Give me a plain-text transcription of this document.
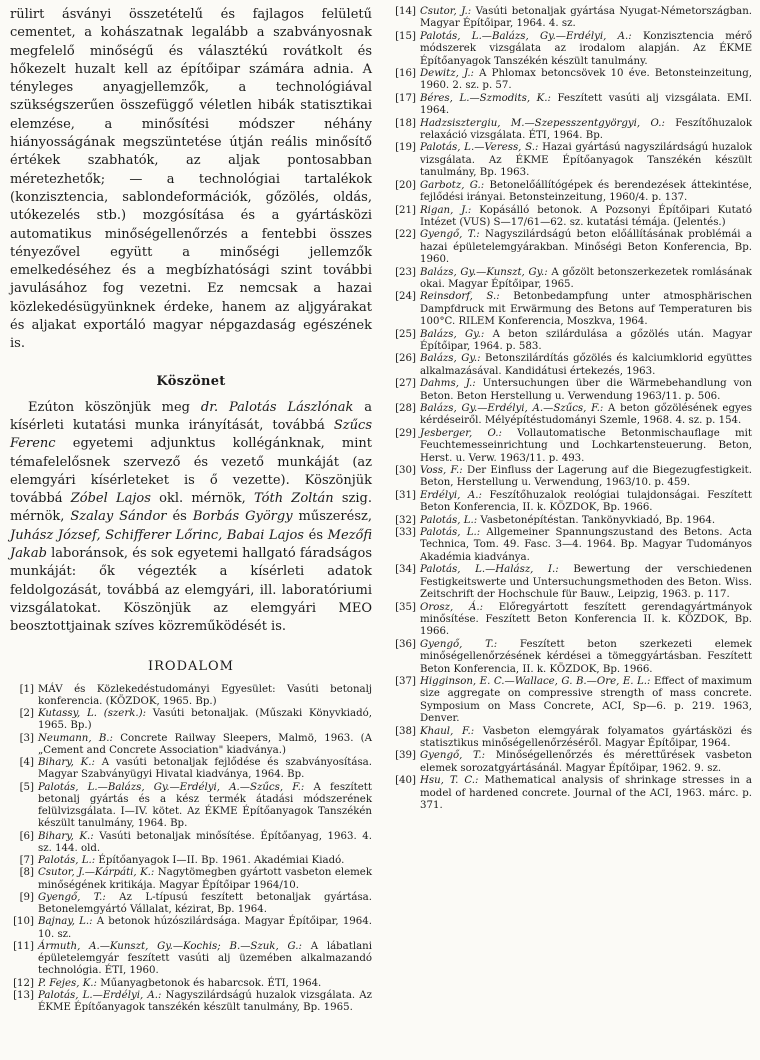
rülirt ásványi összetételű és fajlagos felületű cementet, a kohászatnak legalább a szabványosnak megfelelő minőségű és választékú rovátkolt és hőkezelt huzalt kell az építőipar számára adnia. A tényleges anyagjellemzők, a technológiával szükségszerűen összefüggő véletlen hibák statisztikai elemzése, a minősítési módszer néhány hiányosságának megszüntetése útján reális minősítő értékek szabhatók, az aljak pontosabban méretezhetők; — a technológiai tartalékok (konzisztencia, sablondeformációk, gőzölés, oldás, utókezelés stb.) mozgósítása és a gyártásközi automatikus minőségellenőrzés a fentebbi összes tényezővel együtt a minőségi jellemzők emelkedéséhez és a megbízhatósági szint további javulásához fog vezetni. Ez nemcsak a hazai közlekedésügyünknek érdeke, hanem az aljgyárakat és aljakat exportáló magyar népgazdaság egészének is.

Köszönet

Ezúton köszönjük meg dr. Palotás Lászlónak a kísérleti kutatási munka irányítását, továbbá Szűcs Ferenc egyetemi adjunktus kollégánknak, mint témafelelősnek szervező és vezető munkáját (az elemgyári kísérleteket is ő vezette). Köszönjük továbbá Zóbel Lajos okl. mérnök, Tóth Zoltán szig. mérnök, Szalay Sándor és Borbás György műszerész, Juhász József, Schifferer Lőrinc, Babai Lajos és Mezőfi Jakab laboránsok, és sok egyetemi hallgató fáradságos munkáját: ők végezték a kísérleti adatok feldolgozását, továbbá az elemgyári, ill. laboratóriumi vizsgálatokat. Köszönjük az elemgyári MEO beosztottjainak szíves közreműködését is.

IRODALOM

[1] MÁV és Közlekedéstudományi Egyesület: Vasúti betonalj konferencia. (KÖZDOK, 1965. Bp.)

[2] Kutassy, L. (szerk.): Vasúti betonaljak. (Műszaki Könyvkiadó, 1965. Bp.)

[3] Neumann, B.: Concrete Railway Sleepers, Malmö, 1963. (A „Cement and Concrete Association" kiadványa.)

[4] Bihary, K.: A vasúti betonaljak fejlődése és szabványosítása. Magyar Szabványügyi Hivatal kiadványa, 1964. Bp.

[5] Palotás, L.—Balázs, Gy.—Erdélyi, A.—Szűcs, F.: A feszített betonalj gyártás és a kész termék átadási módszerének felülvizsgálata. I—IV. kötet. Az ÉKME Építőanyagok Tanszékén készült tanulmány, 1964. Bp.

[6] Bihary, K.: Vasúti betonaljak minősítése. Építőanyag, 1963. 4. sz. 144. old.

[7] Palotás, L.: Építőanyagok I—II. Bp. 1961. Akadémiai Kiadó.

[8] Csutor, J.—Kárpáti, K.: Nagytömegben gyártott vasbeton elemek minőségének kritikája. Magyar Építőipar 1964/10.

[9] Gyengő, T.: Az L-típusú feszített betonaljak gyártása. Betonelemgyártó Vállalat, kézirat, Bp. 1964.

[10] Bajnay, L.: A betonok húzószilárdsága. Magyar Építőipar, 1964. 10. sz.

[11] Ármuth, A.—Kunszt, Gy.—Kochis; B.—Szuk, G.: A lábatlani épületelemgyár feszített vasúti alj üzemében alkalmazandó technológia. ÉTI, 1960.

[12] P. Fejes, K.: Műanyagbetonok és habarcsok. ÉTI, 1964.

[13] Palotás, L.—Erdélyi, A.: Nagyszilárdságú huzalok vizsgálata. Az ÉKME Építőanyagok tanszékén készült tanulmány, Bp. 1965.

[14] Csutor, J.: Vasúti betonaljak gyártása Nyugat-Németországban. Magyar Építőipar, 1964. 4. sz.

[15] Palotás, L.—Balázs, Gy.—Erdélyi, A.: Konzisztencia mérő módszerek vizsgálata az irodalom alapján. Az ÉKME Építőanyagok Tanszékén készült tanulmány.

[16] Dewitz, J.: A Phlomax betoncsövek 10 éve. Betonsteinzeitung, 1960. 2. sz. p. 57.

[17] Béres, L.—Szmodits, K.: Feszített vasúti alj vizsgálata. EMI. 1964.

[18] Hadzsisztergiu, M.—Szepesszentgyörgyi, O.: Feszítőhuzalok relaxáció vizsgálata. ÉTI, 1964. Bp.

[19] Palotás, L.—Veress, S.: Hazai gyártású nagyszilárdságú huzalok vizsgálata. Az ÉKME Építőanyagok Tanszékén készült tanulmány, Bp. 1963.

[20] Garbotz, G.: Betonelőállítógépek és berendezések áttekintése, fejlődési irányai. Betonsteinzeitung, 1960/4. p. 137.

[21] Rigan, J.: Kopásálló betonok. A Pozsonyi Építőipari Kutató Intézet (VUS) S—17/61—62. sz. kutatási témája. (Jelentés.)

[22] Gyengő, T.: Nagyszilárdságú beton előállításának problémái a hazai épületelemgyárakban. Minőségi Beton Konferencia, Bp. 1960.

[23] Balázs, Gy.—Kunszt, Gy.: A gőzölt betonszerkezetek romlásának okai. Magyar Építőipar, 1965.

[24] Reinsdorf, S.: Betonbedampfung unter atmosphärischen Dampfdruck mit Erwärmung des Betons auf Temperaturen bis 100°C. RILEM Konferencia, Moszkva, 1964.

[25] Balázs, Gy.: A beton szilárdulása a gőzölés után. Magyar Építőipar, 1964. p. 583.

[26] Balázs, Gy.: Betonszilárdítás gőzölés és kalciumklorid együttes alkalmazásával. Kandidátusi értekezés, 1963.

[27] Dahms, J.: Untersuchungen über die Wärmebehandlung von Beton. Beton Herstellung u. Verwendung 1963/11. p. 506.

[28] Balázs, Gy.—Erdélyi, A.—Szűcs, F.: A beton gőzölésének egyes kérdéseiről. Mélyépítéstudományi Szemle, 1968. 4. sz. p. 154.

[29] Jesberger, O.: Vollautomatische Betonmischauflage mit Feuchtemesseinrichtung und Lochkartensteuerung. Beton, Herst. u. Verw. 1963/11. p. 493.

[30] Voss, F.: Der Einfluss der Lagerung auf die Biegezugfestigkeit. Beton, Herstellung u. Verwendung, 1963/10. p. 459.

[31] Erdélyi, A.: Feszítőhuzalok reológiai tulajdonságai. Feszített Beton Konferencia, II. k. KÖZDOK, Bp. 1966.

[32] Palotás, L.: Vasbetonépítéstan. Tankönyvkiadó, Bp. 1964.

[33] Palotás, L.: Allgemeiner Spannungszustand des Betons. Acta Technica, Tom. 49. Fasc. 3—4. 1964. Bp. Magyar Tudományos Akadémia kiadványa.

[34] Palotás, L.—Halász, I.: Bewertung der verschiedenen Festigkeitswerte und Untersuchungsmethoden des Beton. Wiss. Zeitschrift der Hochschule für Bauw., Leipzig, 1963. p. 117.

[35] Orosz, Á.: Előregyártott feszített gerendagyártmányok minősítése. Feszített Beton Konferencia II. k. KÖZDOK, Bp. 1966.

[36] Gyengő, T.: Feszített beton szerkezeti elemek minőségellenőrzésének kérdései a tömeggyártásban. Feszített Beton Konferencia, II. k. KÖZDOK, Bp. 1966.

[37] Higginson, E. C.—Wallace, G. B.—Ore, E. L.: Effect of maximum size aggregate on compressive strength of mass concrete. Symposium on Mass Concrete, ACI, Sp—6. p. 219. 1963, Denver.

[38] Khaul, F.: Vasbeton elemgyárak folyamatos gyártásközi és statisztikus minőségellenőrzéséről. Magyar Építőipar, 1964.

[39] Gyengő, T.: Minőségellenőrzés és mérettűrések vasbeton elemek sorozatgyártásánál. Magyar Építőipar, 1962. 9. sz.

[40] Hsu, T. C.: Mathematical analysis of shrinkage stresses in a model of hardened concrete. Journal of the ACI, 1963. márc. p. 371.
